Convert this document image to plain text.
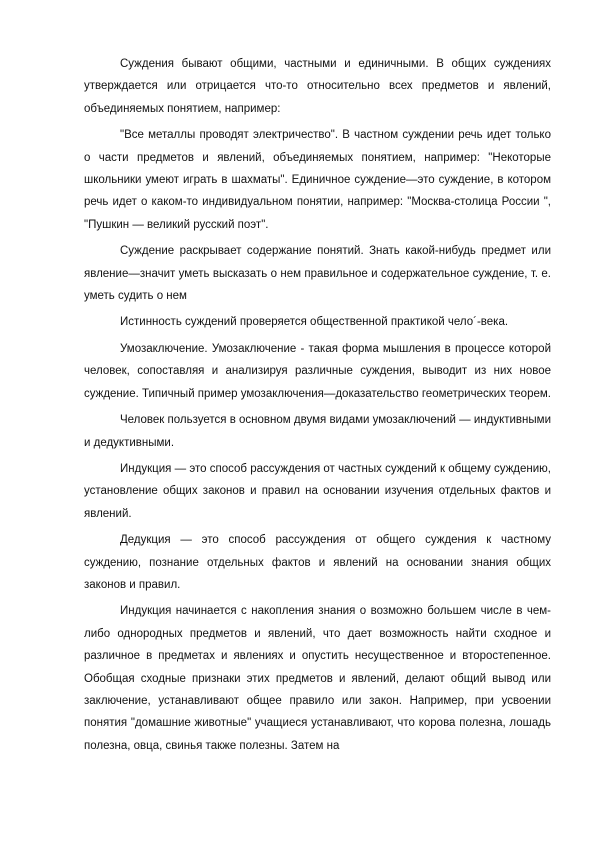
Суждения бывают общими, частными и единичными. В общих суждениях утверждается или отрицается что-то относительно всех предметов и явлений, объединяемых понятием, например:

"Все металлы проводят электричество". В частном суждении речь идет только о части предметов и явлений, объединяемых понятием, например: "Некоторые школьники умеют играть в шахматы". Единичное суждение—это суждение, в котором речь идет о каком-то индивидуальном понятии, например: "Москва-столица России ", "Пушкин — великий русский поэт".

Суждение раскрывает содержание понятий. Знать какой-нибудь предмет или явление—значит уметь высказать о нем правильное и содержательное суждение, т. е. уметь судить о нем

Истинность суждений проверяется общественной практикой чело´-века.

Умозаключение. Умозаключение - такая форма мышления в процессе которой человек, сопоставляя и анализируя различные суждения, выводит из них новое суждение. Типичный пример умозаключения—доказательство геометрических теорем.

Человек пользуется в основном двумя видами умозаключений — индуктивными и дедуктивными.

Индукция — это способ рассуждения от частных суждений к общему суждению, установление общих законов и правил на основании изучения отдельных фактов и явлений.

Дедукция — это способ рассуждения от общего суждения к частному суждению, познание отдельных фактов и явлений на основании знания общих законов и правил.

Индукция начинается с накопления знания о возможно большем числе в чем-либо однородных предметов и явлений, что дает возможность найти сходное и различное в предметах и явлениях и опустить несущественное и второстепенное. Обобщая сходные признаки этих предметов и явлений, делают общий вывод или заключение, устанавливают общее правило или закон. Например, при усвоении понятия "домашние животные" учащиеся устанавливают, что корова полезна, лошадь полезна, овца, свинья также полезны. Затем на
